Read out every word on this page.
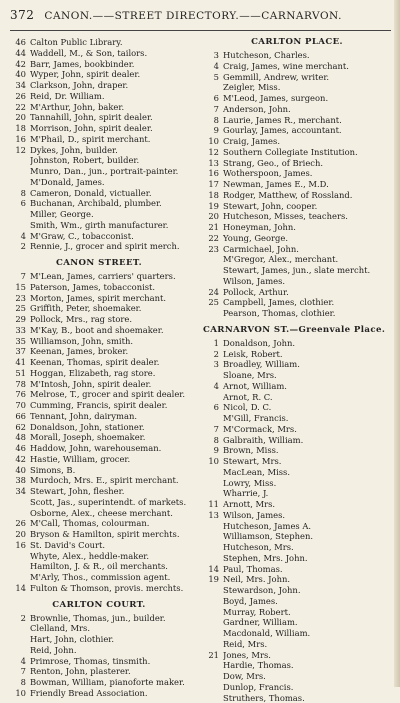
372 CANON.——STREET DIRECTORY.——CARNARVON.
46 Calton Public Library.
44 Waddell, M., & Son, tailors.
42 Barr, James, bookbinder.
40 Wyper, John, spirit dealer.
34 Clarkson, John, draper.
26 Reid, Dr. William.
22 M'Arthur, John, baker.
20 Tannahill, John, spirit dealer.
18 Morrison, John, spirit dealer.
16 M'Phail, D., spirit merchant.
12 Dykes, John, builder.
Johnston, Robert, builder.
Munro, Dan., jun., portrait-painter.
M'Donald, James.
8 Cameron, Donald, victualler.
6 Buchanan, Archibald, plumber.
Miller, George.
Smith, Wm., girth manufacturer.
4 M'Graw, C., tobacconist.
2 Rennie, J., grocer and spirit merch.
CANON STREET.
7 M'Lean, James, carriers' quarters.
15 Paterson, James, tobacconist.
23 Morton, James, spirit merchant.
25 Griffith, Peter, shoemaker.
29 Pollock, Mrs., rag store.
33 M'Kay, B., boot and shoemaker.
35 Williamson, John, smith.
37 Keenan, James, broker.
41 Keenan, Thomas, spirit dealer.
51 Hoggan, Elizabeth, rag store.
78 M'Intosh, John, spirit dealer.
76 Melrose, T., grocer and spirit dealer.
70 Cumming, Francis, spirit dealer.
66 Tennant, John, dairyman.
62 Donaldson, John, stationer.
48 Morall, Joseph, shoemaker.
46 Haddow, John, warehouseman.
42 Hastie, William, grocer.
40 Simons, B.
38 Murdoch, Mrs. E., spirit merchant.
34 Stewart, John, flesher.
Scott, Jas., superintendt. of markets.
Osborne, Alex., cheese merchant.
26 M'Call, Thomas, colourman.
20 Bryson & Hamilton, spirit merchts.
16 St. David's Court.
Whyte, Alex., heddle-maker.
Hamilton, J. & R., oil merchants.
M'Arly, Thos., commission agent.
14 Fulton & Thomson, provis. merchts.
CARLTON COURT.
2 Brownlie, Thomas, jun., builder.
Clelland, Mrs.
Hart, John, clothier.
Reid, John.
4 Primrose, Thomas, tinsmith.
7 Renton, John, plasterer.
8 Bowman, William, pianoforte maker.
10 Friendly Bread Association.
CARLTON PLACE.
3 Hutcheson, Charles.
4 Craig, James, wine merchant.
5 Gemmill, Andrew, writer.
Zeigler, Miss.
6 M'Leod, James, surgeon.
7 Anderson, John.
8 Laurie, James R., merchant.
9 Gourlay, James, accountant.
10 Craig, James.
12 Southern Collegiate Institution.
13 Strang, Geo., of Briech.
16 Wotherspoon, James.
17 Newman, James E., M.D.
18 Rodger, Matthew, of Rossland.
19 Stewart, John, cooper.
20 Hutcheson, Misses, teachers.
21 Honeyman, John.
22 Young, George.
23 Carmichael, John.
M'Gregor, Alex., merchant.
Stewart, James, jun., slate mercht.
Wilson, James.
24 Pollock, Arthur.
25 Campbell, James, clothier.
Pearson, Thomas, clothier.
CARNARVON ST.—Greenvale Place.
1 Donaldson, John.
2 Leisk, Robert.
3 Broadley, William.
Sloane, Mrs.
4 Arnot, William.
Arnot, R. C.
6 Nicol, D. C.
M'Gill, Francis.
7 M'Cormack, Mrs.
8 Galbraith, William.
9 Brown, Miss.
10 Stewart, Mrs.
MacLean, Miss.
Lowry, Miss.
Wharrie, J.
11 Arnott, Mrs.
13 Wilson, James.
Hutcheson, James A.
Williamson, Stephen.
Hutcheson, Mrs.
Stephen, Mrs. John.
14 Paul, Thomas.
19 Neil, Mrs. John.
Stewardson, John.
Boyd, James.
Murray, Robert.
Gardner, William.
Macdonald, William.
Reid, Mrs.
21 Jones, Mrs.
Hardie, Thomas.
Dow, Mrs.
Dunlop, Francis.
Struthers, Thomas.
